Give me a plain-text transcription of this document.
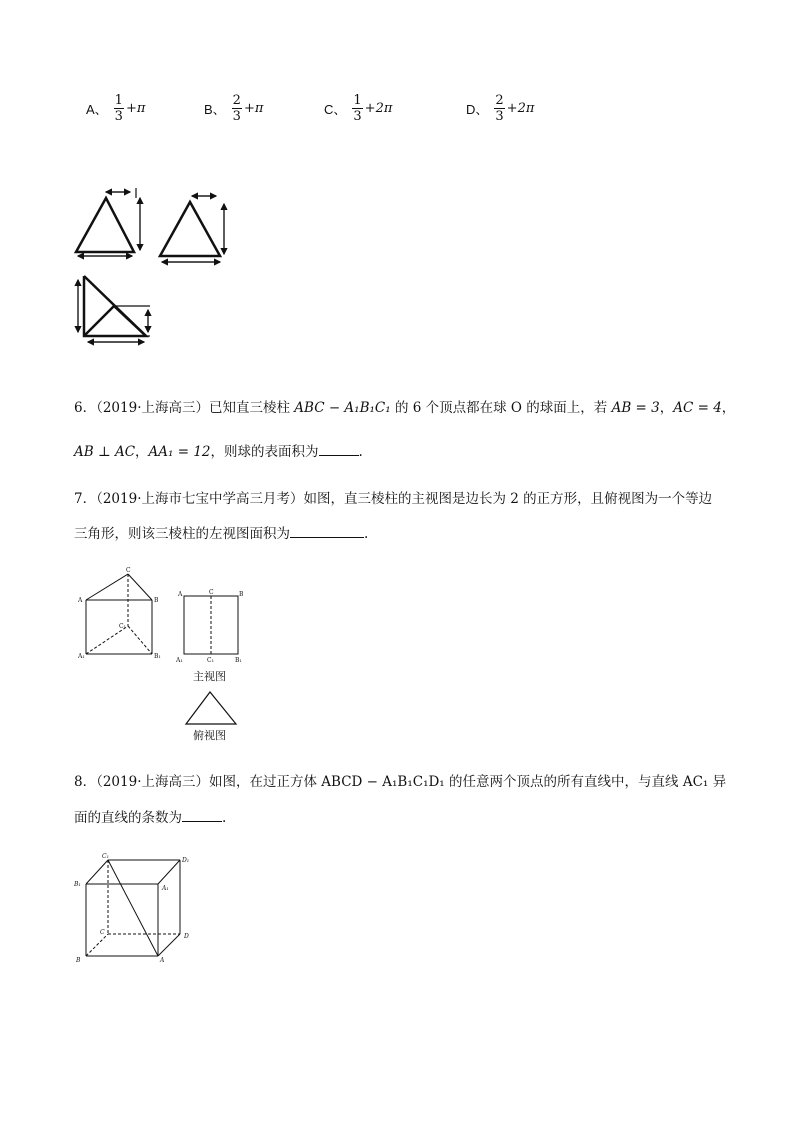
A、 $\frac{1}{3} +\pi$	B、 $\frac{2}{3} +\pi$	C、 $\frac{1}{3} +2\pi$	D、 $\frac{2}{3} +2\pi$
6．（2019·上海高三）已知直三棱柱 ABC − A₁B₁C₁ 的 6 个顶点都在球 O 的球面上，若 AB = 3，AC = 4，
AB ⊥ AC，AA₁ = 12，则球的表面积为	.
7．（2019·上海市七宝中学高三月考）如图，直三棱柱的主视图是边长为 2 的正方形，且俯视图为一个等边
三角形，则该三棱柱的左视图面积为	.
C
A	B
C₁
A₁	B₁
A	C	B
A₁	C₁	B₁
主视图
俯视图
8．（2019·上海高三）如图，在过正方体 ABCD − A₁B₁C₁D₁ 的任意两个顶点的所有直线中，与直线 AC₁ 异
面的直线的条数为	.
C₁
D₁
B₁
A₁
C
D
B	A
